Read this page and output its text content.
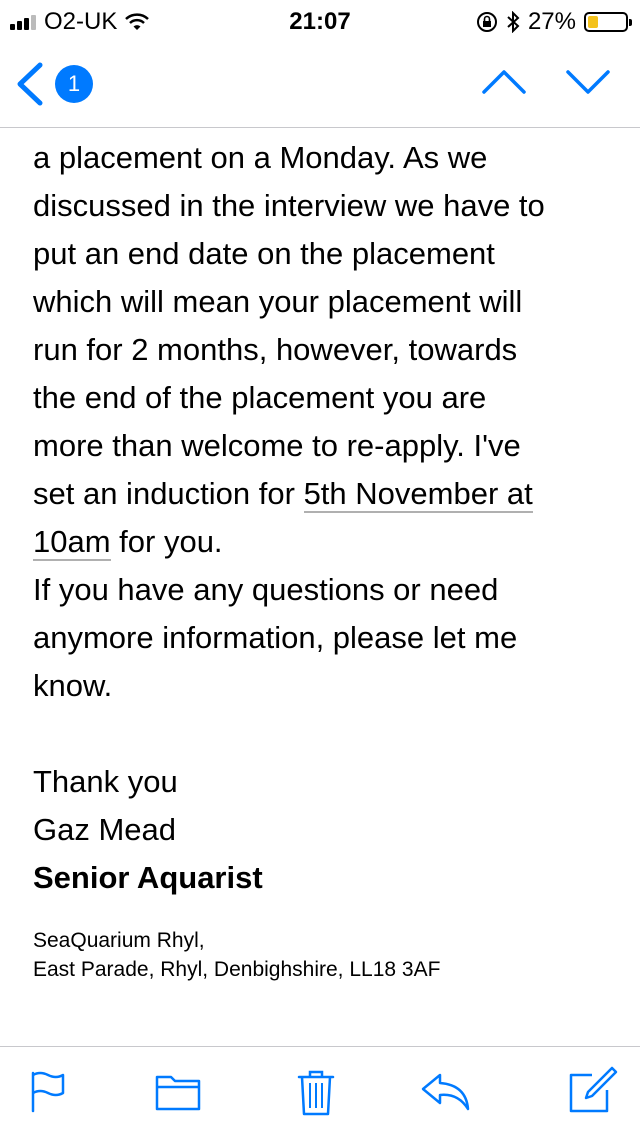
O2-UK	21:07	27%
1

a placement on a Monday. As we

discussed in the interview we have to

put an end date on the placement

which will mean your placement will

run for 2 months, however, towards

the end of the placement you are

more than welcome to re-apply. I've

set an induction for 5th November at

10am for you.

If you have any questions or need

anymore information, please let me

know.

Thank you

Gaz Mead

Senior Aquarist

SeaQuarium Rhyl,
East Parade, Rhyl, Denbighshire, LL18 3AF
